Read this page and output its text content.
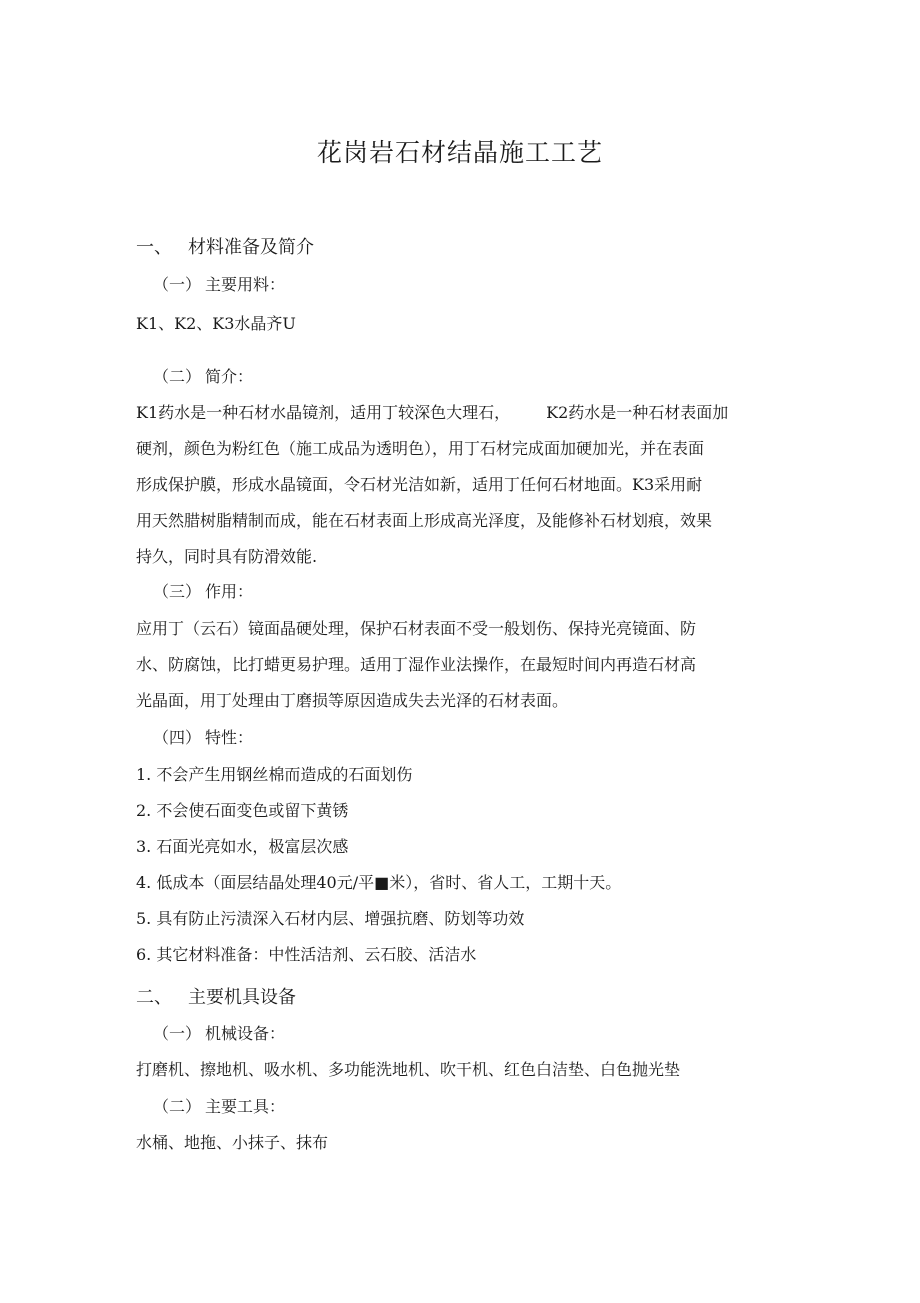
花岗岩石材结晶施工工艺
一、 材料准备及简介
（一） 主要用料：
K1、K2、K3水晶齐U
（二） 简介：
K1药水是一种石材水晶镜剂，适用丁较深色大理石， K2药水是一种石材表面加
硬剂，颜色为粉红色（施工成品为透明色），用丁石材完成面加硬加光，并在表面
形成保护膜，形成水晶镜面，令石材光洁如新，适用丁任何石材地面。K3采用耐
用天然腊树脂精制而成，能在石材表面上形成高光泽度，及能修补石材划痕，效果
持久，同时具有防滑效能.
（三） 作用：
应用丁（云石）镜面晶硬处理，保护石材表面不受一般划伤、保持光亮镜面、防
水、防腐蚀，比打蜡更易护理。适用丁湿作业法操作，在最短时间内再造石材高
光晶面，用丁处理由丁磨损等原因造成失去光泽的石材表面。
（四） 特性：
1. 不会产生用钢丝棉而造成的石面划伤
2. 不会使石面变色或留下黄锈
3. 石面光亮如水，极富层次感
4. 低成本（面层结晶处理40元/平■米），省时、省人工，工期十天。
5. 具有防止污渍深入石材内层、增强抗磨、防划等功效
6. 其它材料准备：中性活洁剂、云石胶、活洁水
二、 主要机具设备
（一） 机械设备：
打磨机、擦地机、吸水机、多功能洗地机、吹干机、红色白洁垫、白色抛光垫
（二） 主要工具：
水桶、地拖、小抹子、抹布
